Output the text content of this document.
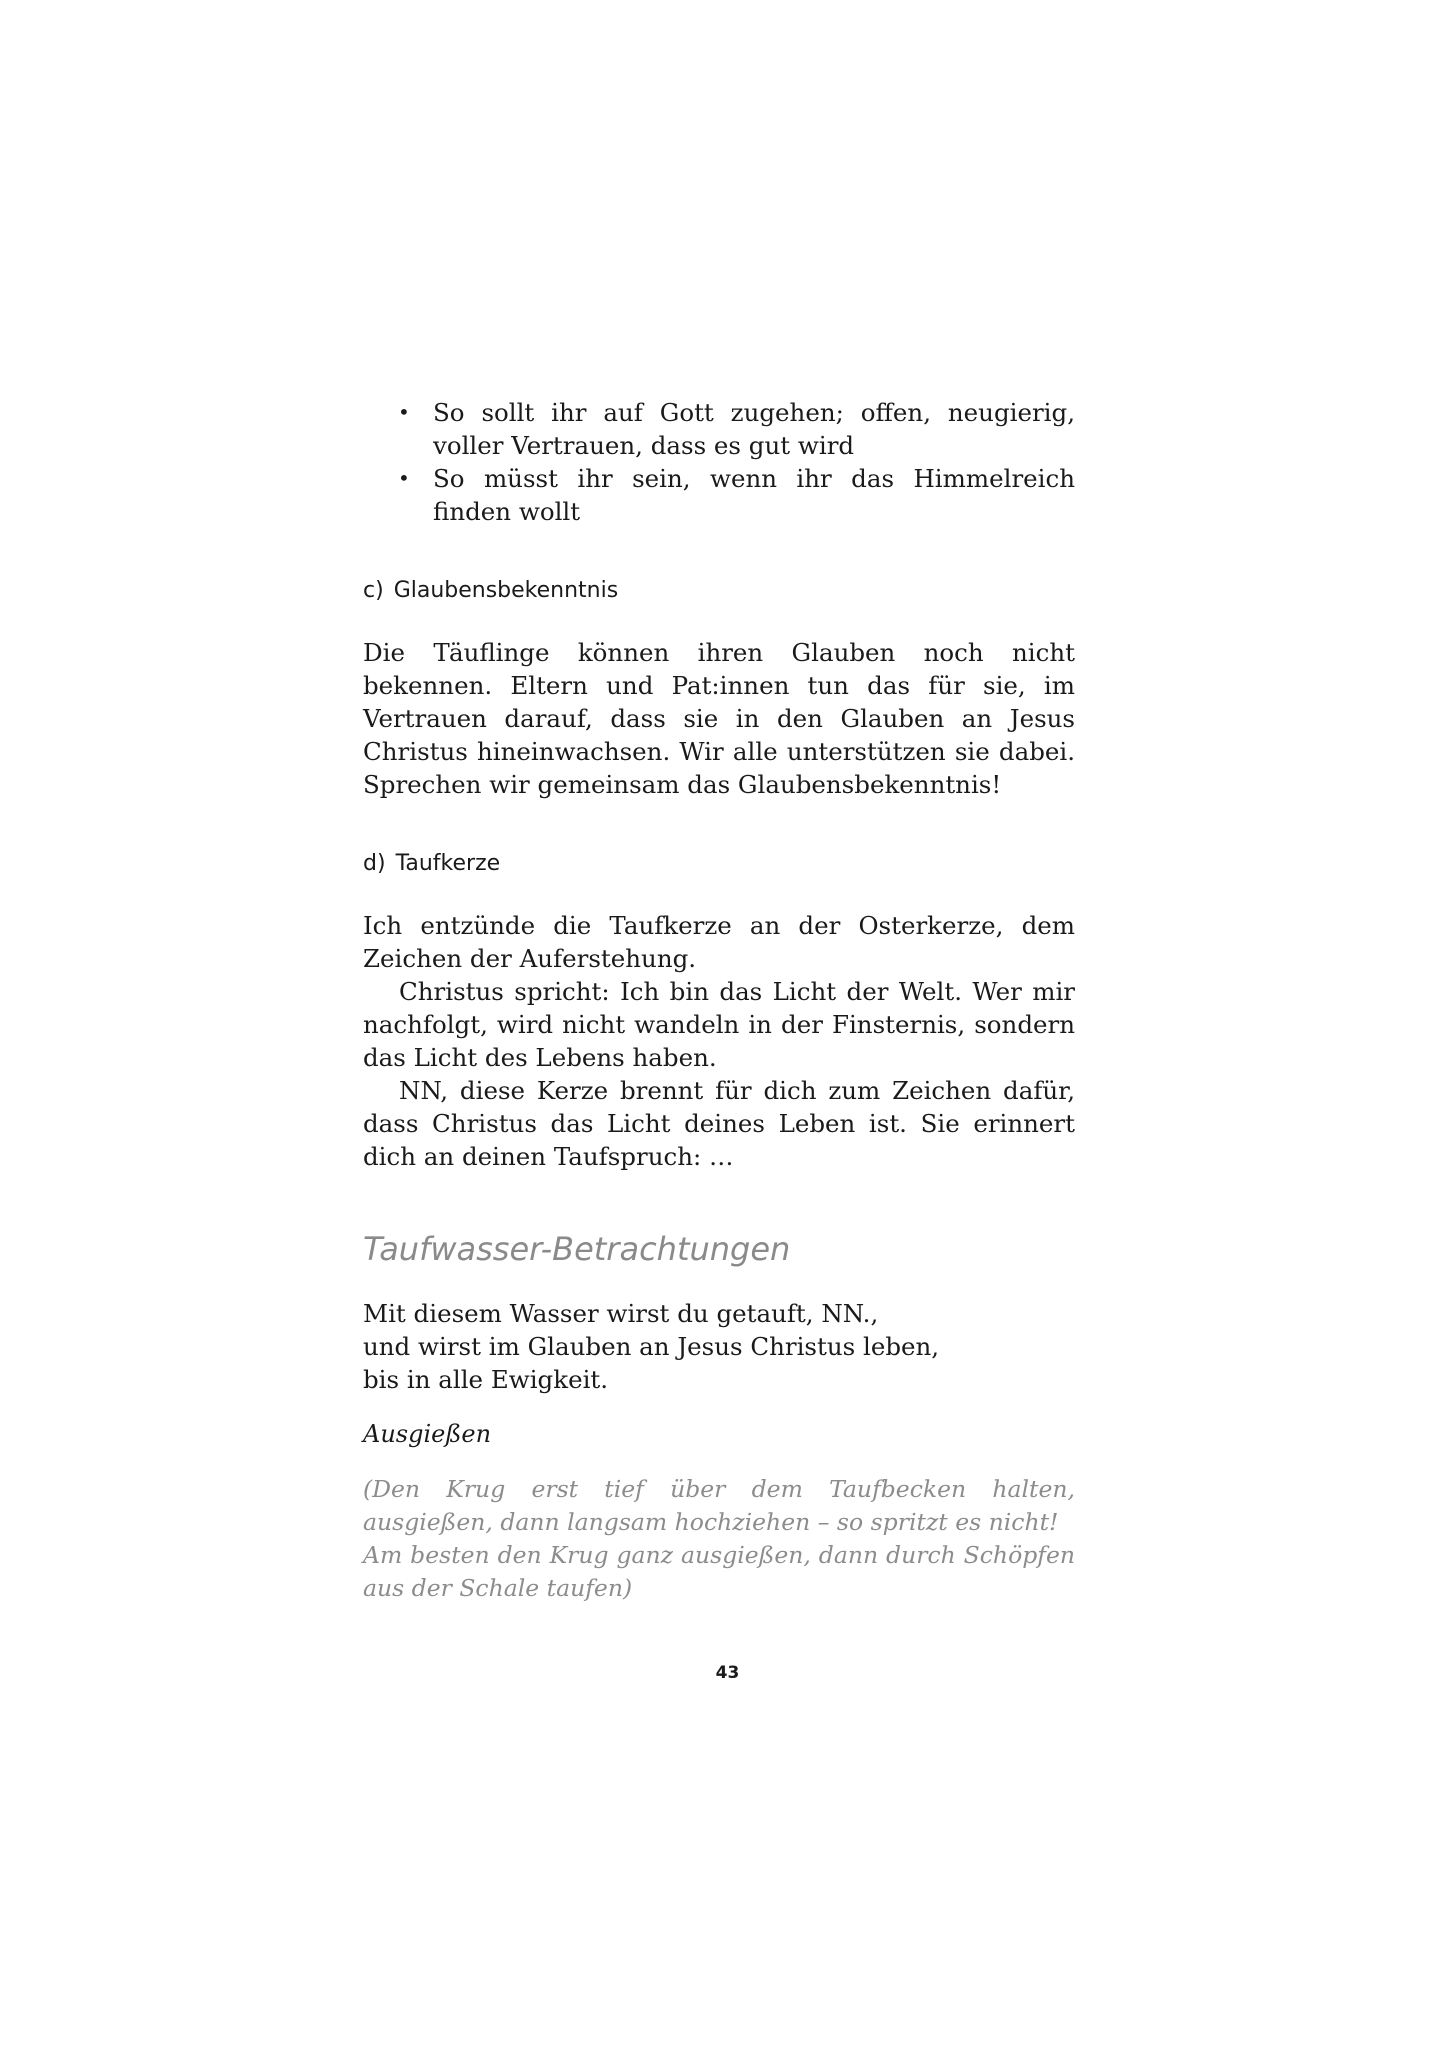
• So sollt ihr auf Gott zugehen; offen, neugierig, voller Vertrauen, dass es gut wird
• So müsst ihr sein, wenn ihr das Himmelreich finden wollt
c) Glaubensbekenntnis

Die Täuflinge können ihren Glauben noch nicht bekennen. Eltern und Pat:innen tun das für sie, im Vertrauen darauf, dass sie in den Glauben an Jesus Christus hineinwachsen. Wir alle unterstützen sie dabei. Sprechen wir gemeinsam das Glaubensbekenntnis!

d) Taufkerze

Ich entzünde die Taufkerze an der Osterkerze, dem Zeichen der Auferstehung.

Christus spricht: Ich bin das Licht der Welt. Wer mir nachfolgt, wird nicht wandeln in der Finsternis, sondern das Licht des Lebens haben.

NN, diese Kerze brennt für dich zum Zeichen dafür, dass Christus das Licht deines Leben ist. Sie erinnert dich an deinen Taufspruch: …

Taufwasser-Betrachtungen
Mit diesem Wasser wirst du getauft, NN.,
und wirst im Glauben an Jesus Christus leben,
bis in alle Ewigkeit.
Ausgießen
(Den Krug erst tief über dem Taufbecken halten, ausgießen, dann langsam hochziehen – so spritzt es nicht!
Am besten den Krug ganz ausgießen, dann durch Schöpfen aus der Schale taufen)
43
